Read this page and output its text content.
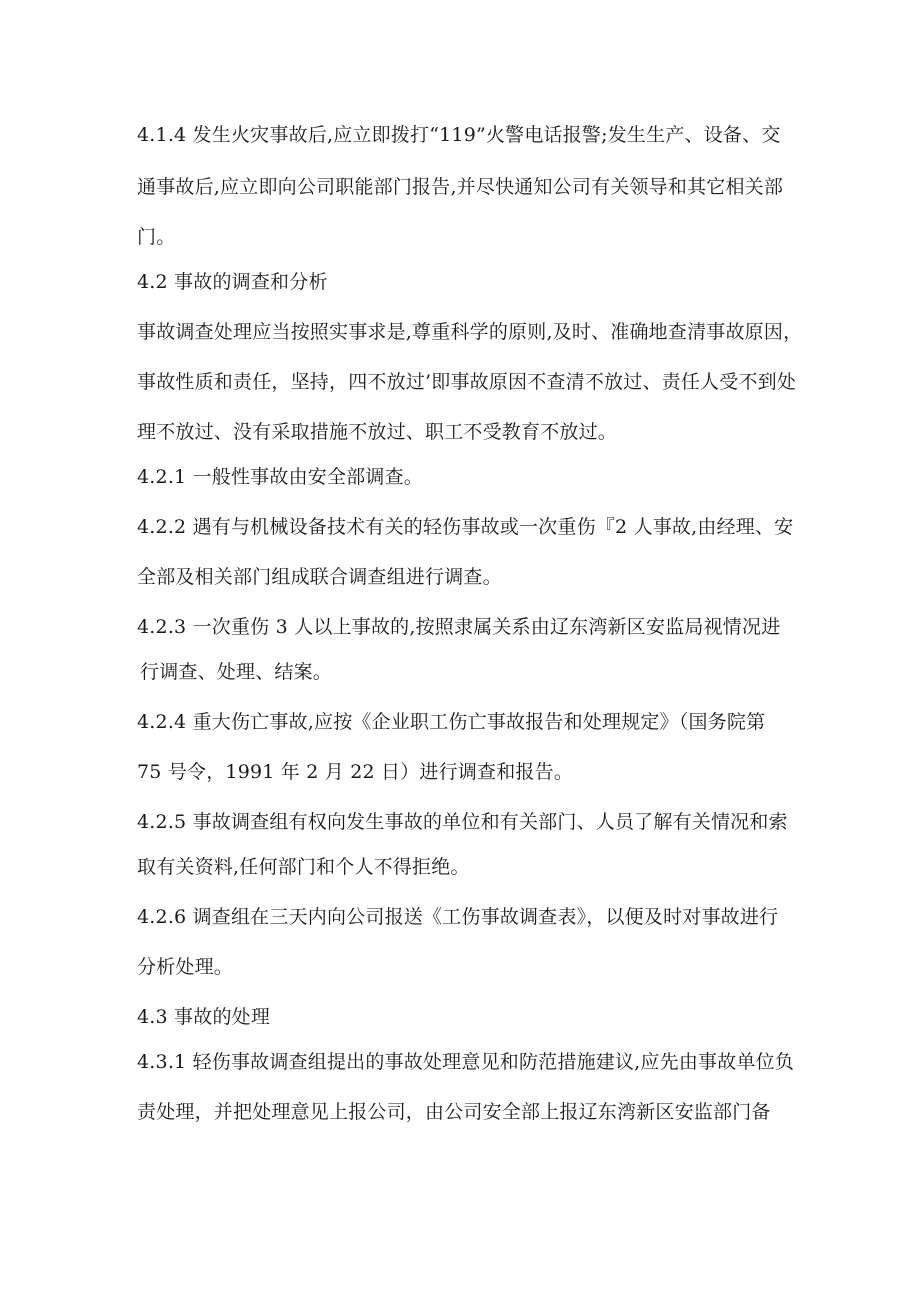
4.1.4 发生火灾事故后,应立即拨打“119”火警电话报警;发生生产、设备、交
通事故后,应立即向公司职能部门报告,并尽快通知公司有关领导和其它相关部
门。
4.2 事故的调查和分析
事故调查处理应当按照实事求是,尊重科学的原则,及时、准确地查清事故原因，
事故性质和责任，坚持，四不放过’即事故原因不查清不放过、责任人受不到处
理不放过、没有采取措施不放过、职工不受教育不放过。
4.2.1 一般性事故由安全部调查。
4.2.2 遇有与机械设备技术有关的轻伤事故或一次重伤『2 人事故,由经理、安
全部及相关部门组成联合调查组进行调查。
4.2.3 一次重伤 3 人以上事故的,按照隶属关系由辽东湾新区安监局视情况进
行调查、处理、结案。
4.2.4 重大伤亡事故,应按《企业职工伤亡事故报告和处理规定》（国务院第
75 号令，1991 年 2 月 22 日）进行调查和报告。
4.2.5 事故调查组有权向发生事故的单位和有关部门、人员了解有关情况和索
取有关资料,任何部门和个人不得拒绝。
4.2.6 调查组在三天内向公司报送《工伤事故调查表》，以便及时对事故进行
分析处理。
4.3 事故的处理
4.3.1 轻伤事故调查组提出的事故处理意见和防范措施建议,应先由事故单位负
责处理，并把处理意见上报公司，由公司安全部上报辽东湾新区安监部门备
